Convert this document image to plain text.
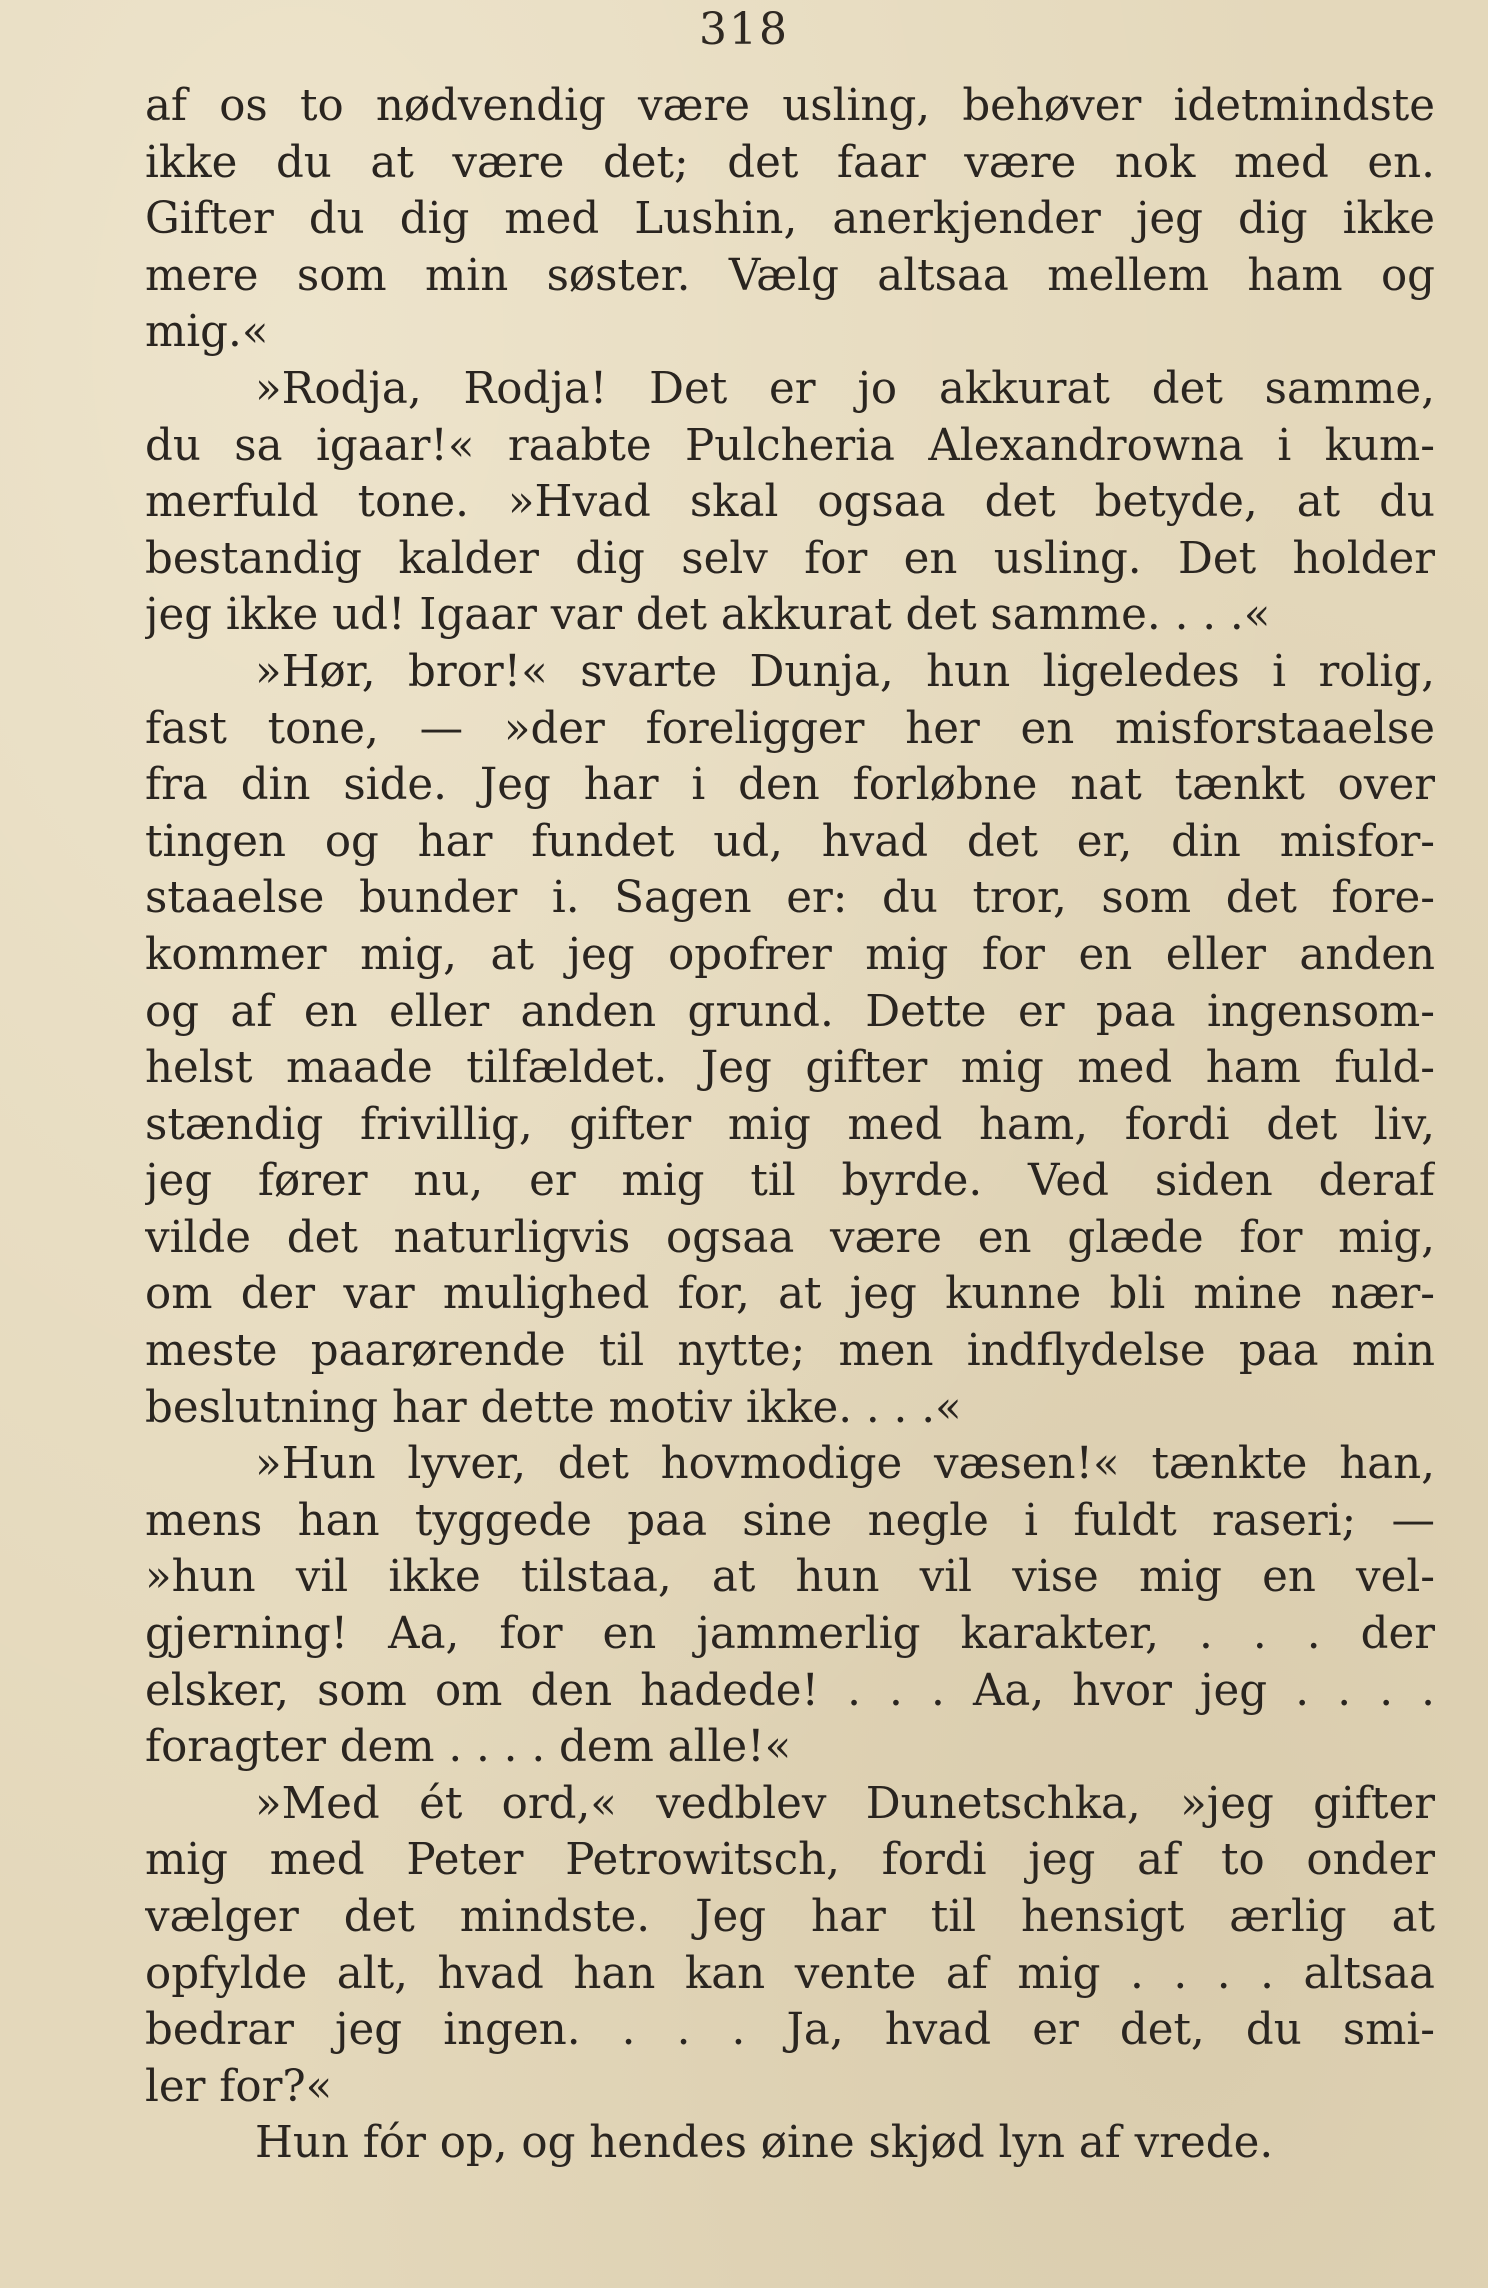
318
af os to nødvendig være usling, behøver idetmindste
ikke du at være det; det faar være nok med en.
Gifter du dig med Lushin, anerkjender jeg dig ikke
mere som min søster. Vælg altsaa mellem ham og
mig.«
»Rodja, Rodja! Det er jo akkurat det samme,
du sa igaar!« raabte Pulcheria Alexandrowna i kum-
merfuld tone. »Hvad skal ogsaa det betyde, at du
bestandig kalder dig selv for en usling. Det holder
jeg ikke ud! Igaar var det akkurat det samme. . . .«
»Hør, bror!« svarte Dunja, hun ligeledes i rolig,
fast tone, — »der foreligger her en misforstaaelse
fra din side. Jeg har i den forløbne nat tænkt over
tingen og har fundet ud, hvad det er, din misfor-
staaelse bunder i. Sagen er: du tror, som det fore-
kommer mig, at jeg opofrer mig for en eller anden
og af en eller anden grund. Dette er paa ingensom-
helst maade tilfældet. Jeg gifter mig med ham fuld-
stændig frivillig, gifter mig med ham, fordi det liv,
jeg fører nu, er mig til byrde. Ved siden deraf
vilde det naturligvis ogsaa være en glæde for mig,
om der var mulighed for, at jeg kunne bli mine nær-
meste paarørende til nytte; men indflydelse paa min
beslutning har dette motiv ikke. . . .«
»Hun lyver, det hovmodige væsen!« tænkte han,
mens han tyggede paa sine negle i fuldt raseri; —
»hun vil ikke tilstaa, at hun vil vise mig en vel-
gjerning! Aa, for en jammerlig karakter, . . . der
elsker, som om den hadede! . . . Aa, hvor jeg . . . .
foragter dem . . . . dem alle!«
»Med ét ord,« vedblev Dunetschka, »jeg gifter
mig med Peter Petrowitsch, fordi jeg af to onder
vælger det mindste. Jeg har til hensigt ærlig at
opfylde alt, hvad han kan vente af mig . . . . altsaa
bedrar jeg ingen. . . . Ja, hvad er det, du smi-
ler for?«
Hun fór op, og hendes øine skjød lyn af vrede.
